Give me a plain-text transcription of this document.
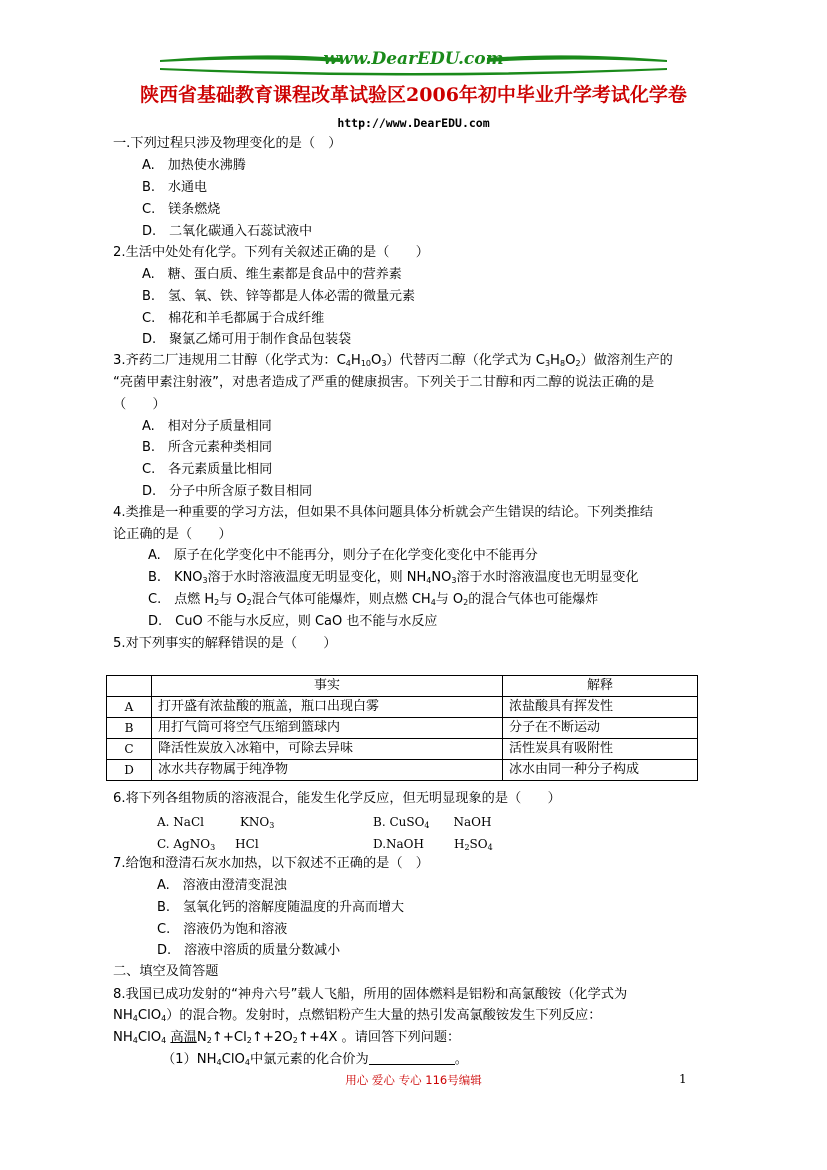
www.DearEDU.com
陕西省基础教育课程改革试验区2006年初中毕业升学考试化学卷
http://www.DearEDU.com
一.下列过程只涉及物理变化的是（　）
A.　加热使水沸腾
B.　水通电
C.　镁条燃烧
D.　二氧化碳通入石蕊试液中
2.生活中处处有化学。下列有关叙述正确的是（　　）
A.　糖、蛋白质、维生素都是食品中的营养素
B.　氢、氧、铁、锌等都是人体必需的微量元素
C.　棉花和羊毛都属于合成纤维
D.　聚氯乙烯可用于制作食品包装袋
3.齐药二厂违规用二甘醇（化学式为：$C_4H_{10}O_3$）代替丙二醇（化学式为 $C_3H_8O_2$）做溶剂生产的
“亮菌甲素注射液”，对患者造成了严重的健康损害。下列关于二甘醇和丙二醇的说法正确的是
（　　）
A.　相对分子质量相同
B.　所含元素种类相同
C.　各元素质量比相同
D.　分子中所含原子数目相同
4.类推是一种重要的学习方法，但如果不具体问题具体分析就会产生错误的结论。下列类推结
论正确的是（　　）
A.　原子在化学变化中不能再分，则分子在化学变化变化中不能再分
B.　$KNO_3$溶于水时溶液温度无明显变化，则 $NH_4NO_3$溶于水时溶液温度也无明显变化
C.　点燃 $H_2$与 $O_2$混合气体可能爆炸，则点燃 $CH_4$与 $O_2$的混合气体也可能爆炸
D.　CuO 不能与水反应，则 CaO 也不能与水反应
5.对下列事实的解释错误的是（　　）
	事实	解释
A	打开盛有浓盐酸的瓶盖，瓶口出现白雾	浓盐酸具有挥发性
B	用打气筒可将空气压缩到篮球内	分子在不断运动
C	降活性炭放入冰箱中，可除去异味	活性炭具有吸附性
D	冰水共存物属于纯净物	冰水由同一种分子构成
6.将下列各组物质的溶液混合，能发生化学反应，但无明显现象的是（　　）
A. NaCl	$KNO_3$	B. CuSO$_4$ NaOH
C. AgNO$_3$ HCl	D.NaOH	$H_2SO_4$
7.给饱和澄清石灰水加热，以下叙述不正确的是（　）
A.　溶液由澄清变混浊
B.　氢氧化钙的溶解度随温度的升高而增大
C.　溶液仍为饱和溶液
D.　溶液中溶质的质量分数减小
二、填空及简答题
8.我国已成功发射的“神舟六号”载人飞船，所用的固体燃料是铝粉和高氯酸铵（化学式为
$NH_4ClO_4$）的混合物。发射时，点燃铝粉产生大量的热引发高氯酸铵发生下列反应：
$NH_4ClO_4$ 高温$N_2↑+Cl_2↑+2O_2↑+4X$ 。请回答下列问题：
$(1)NH_4ClO_4$中氯元素的化合价为	。
用心 爱心 专心 116号编辑	1
